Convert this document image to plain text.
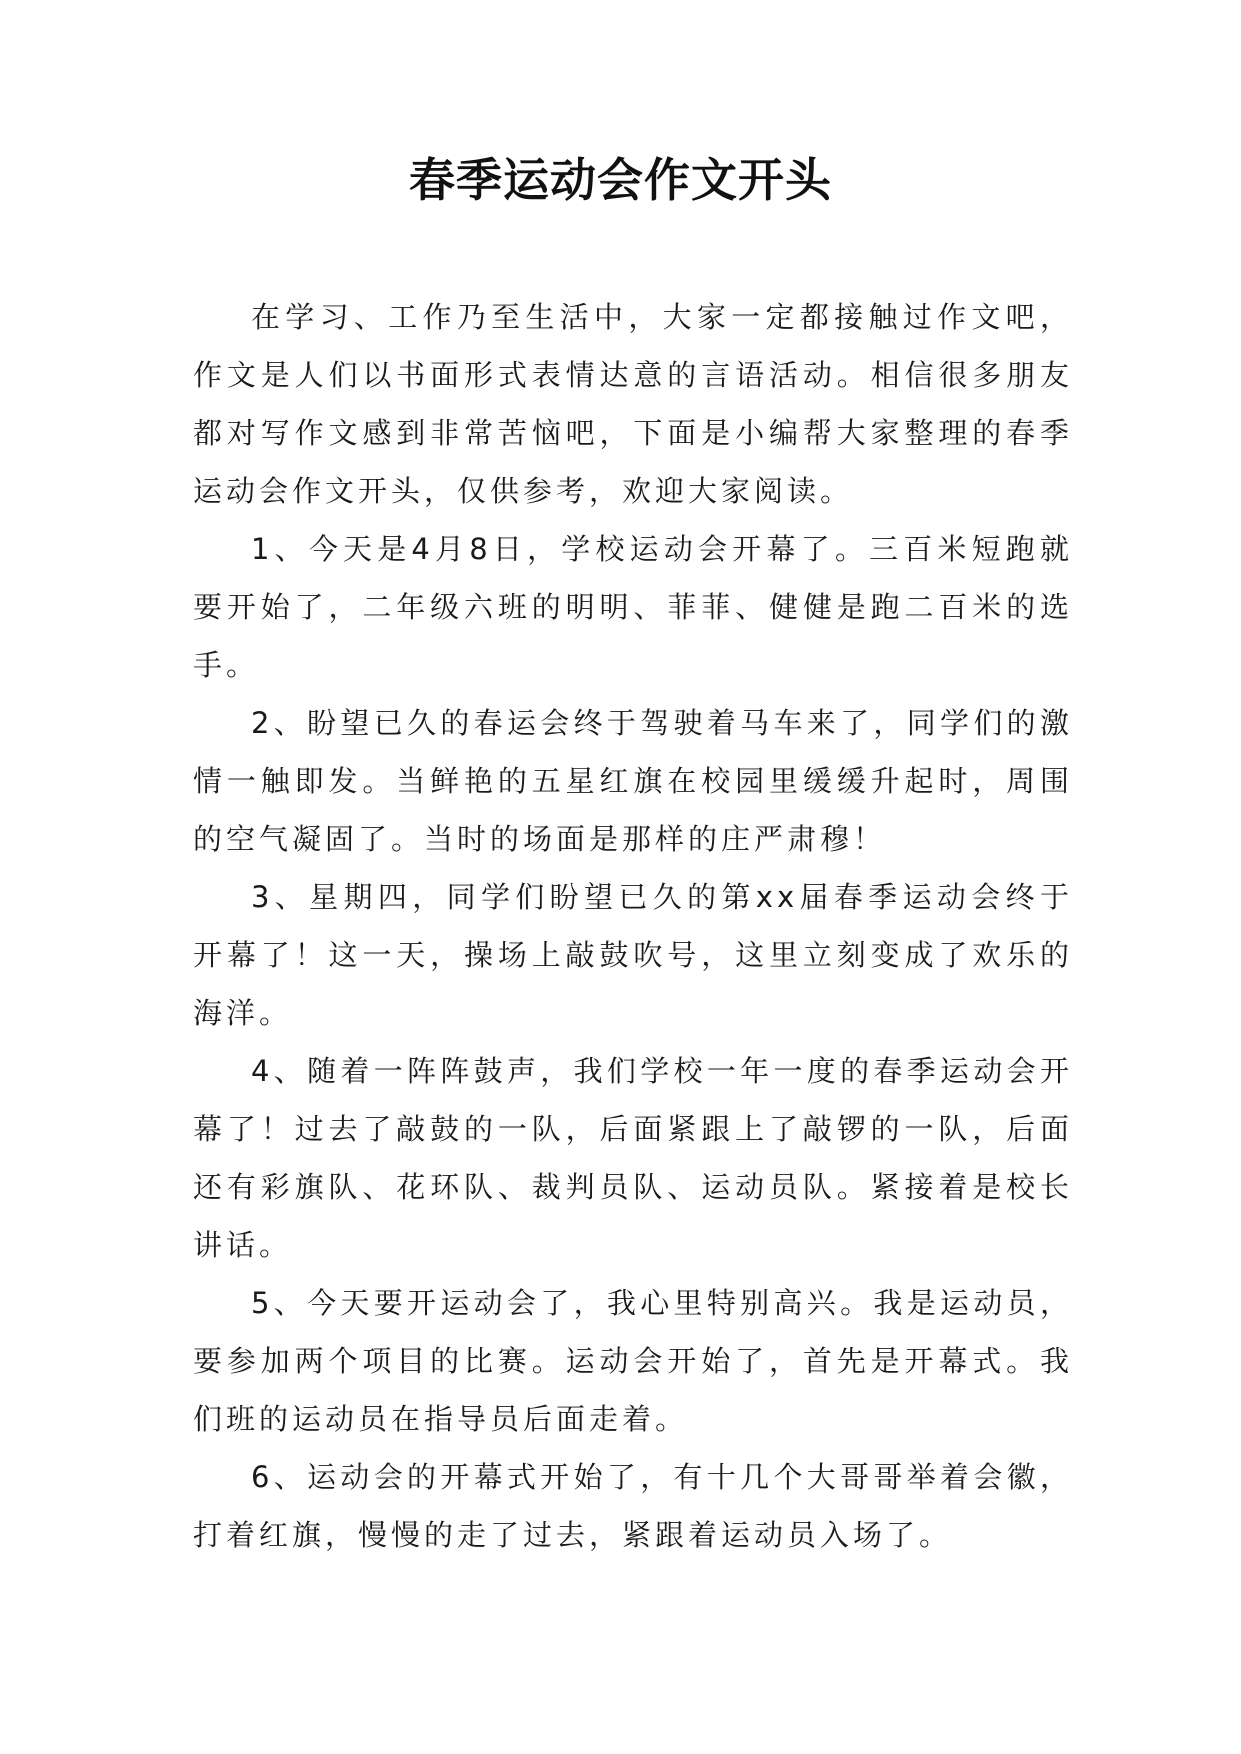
春季运动会作文开头

在学习、工作乃至生活中，大家一定都接触过作文吧，作文是人们以书面形式表情达意的言语活动。相信很多朋友都对写作文感到非常苦恼吧，下面是小编帮大家整理的春季运动会作文开头，仅供参考，欢迎大家阅读。

1、今天是4月8日，学校运动会开幕了。三百米短跑就要开始了，二年级六班的明明、菲菲、健健是跑二百米的选手。

2、盼望已久的春运会终于驾驶着马车来了，同学们的激情一触即发。当鲜艳的五星红旗在校园里缓缓升起时，周围的空气凝固了。当时的场面是那样的庄严肃穆！

3、星期四，同学们盼望已久的第xx届春季运动会终于开幕了！这一天，操场上敲鼓吹号，这里立刻变成了欢乐的海洋。

4、随着一阵阵鼓声，我们学校一年一度的春季运动会开幕了！过去了敲鼓的一队，后面紧跟上了敲锣的一队，后面还有彩旗队、花环队、裁判员队、运动员队。紧接着是校长讲话。

5、今天要开运动会了，我心里特别高兴。我是运动员，要参加两个项目的比赛。运动会开始了，首先是开幕式。我们班的运动员在指导员后面走着。

6、运动会的开幕式开始了，有十几个大哥哥举着会徽，打着红旗，慢慢的走了过去，紧跟着运动员入场了。
